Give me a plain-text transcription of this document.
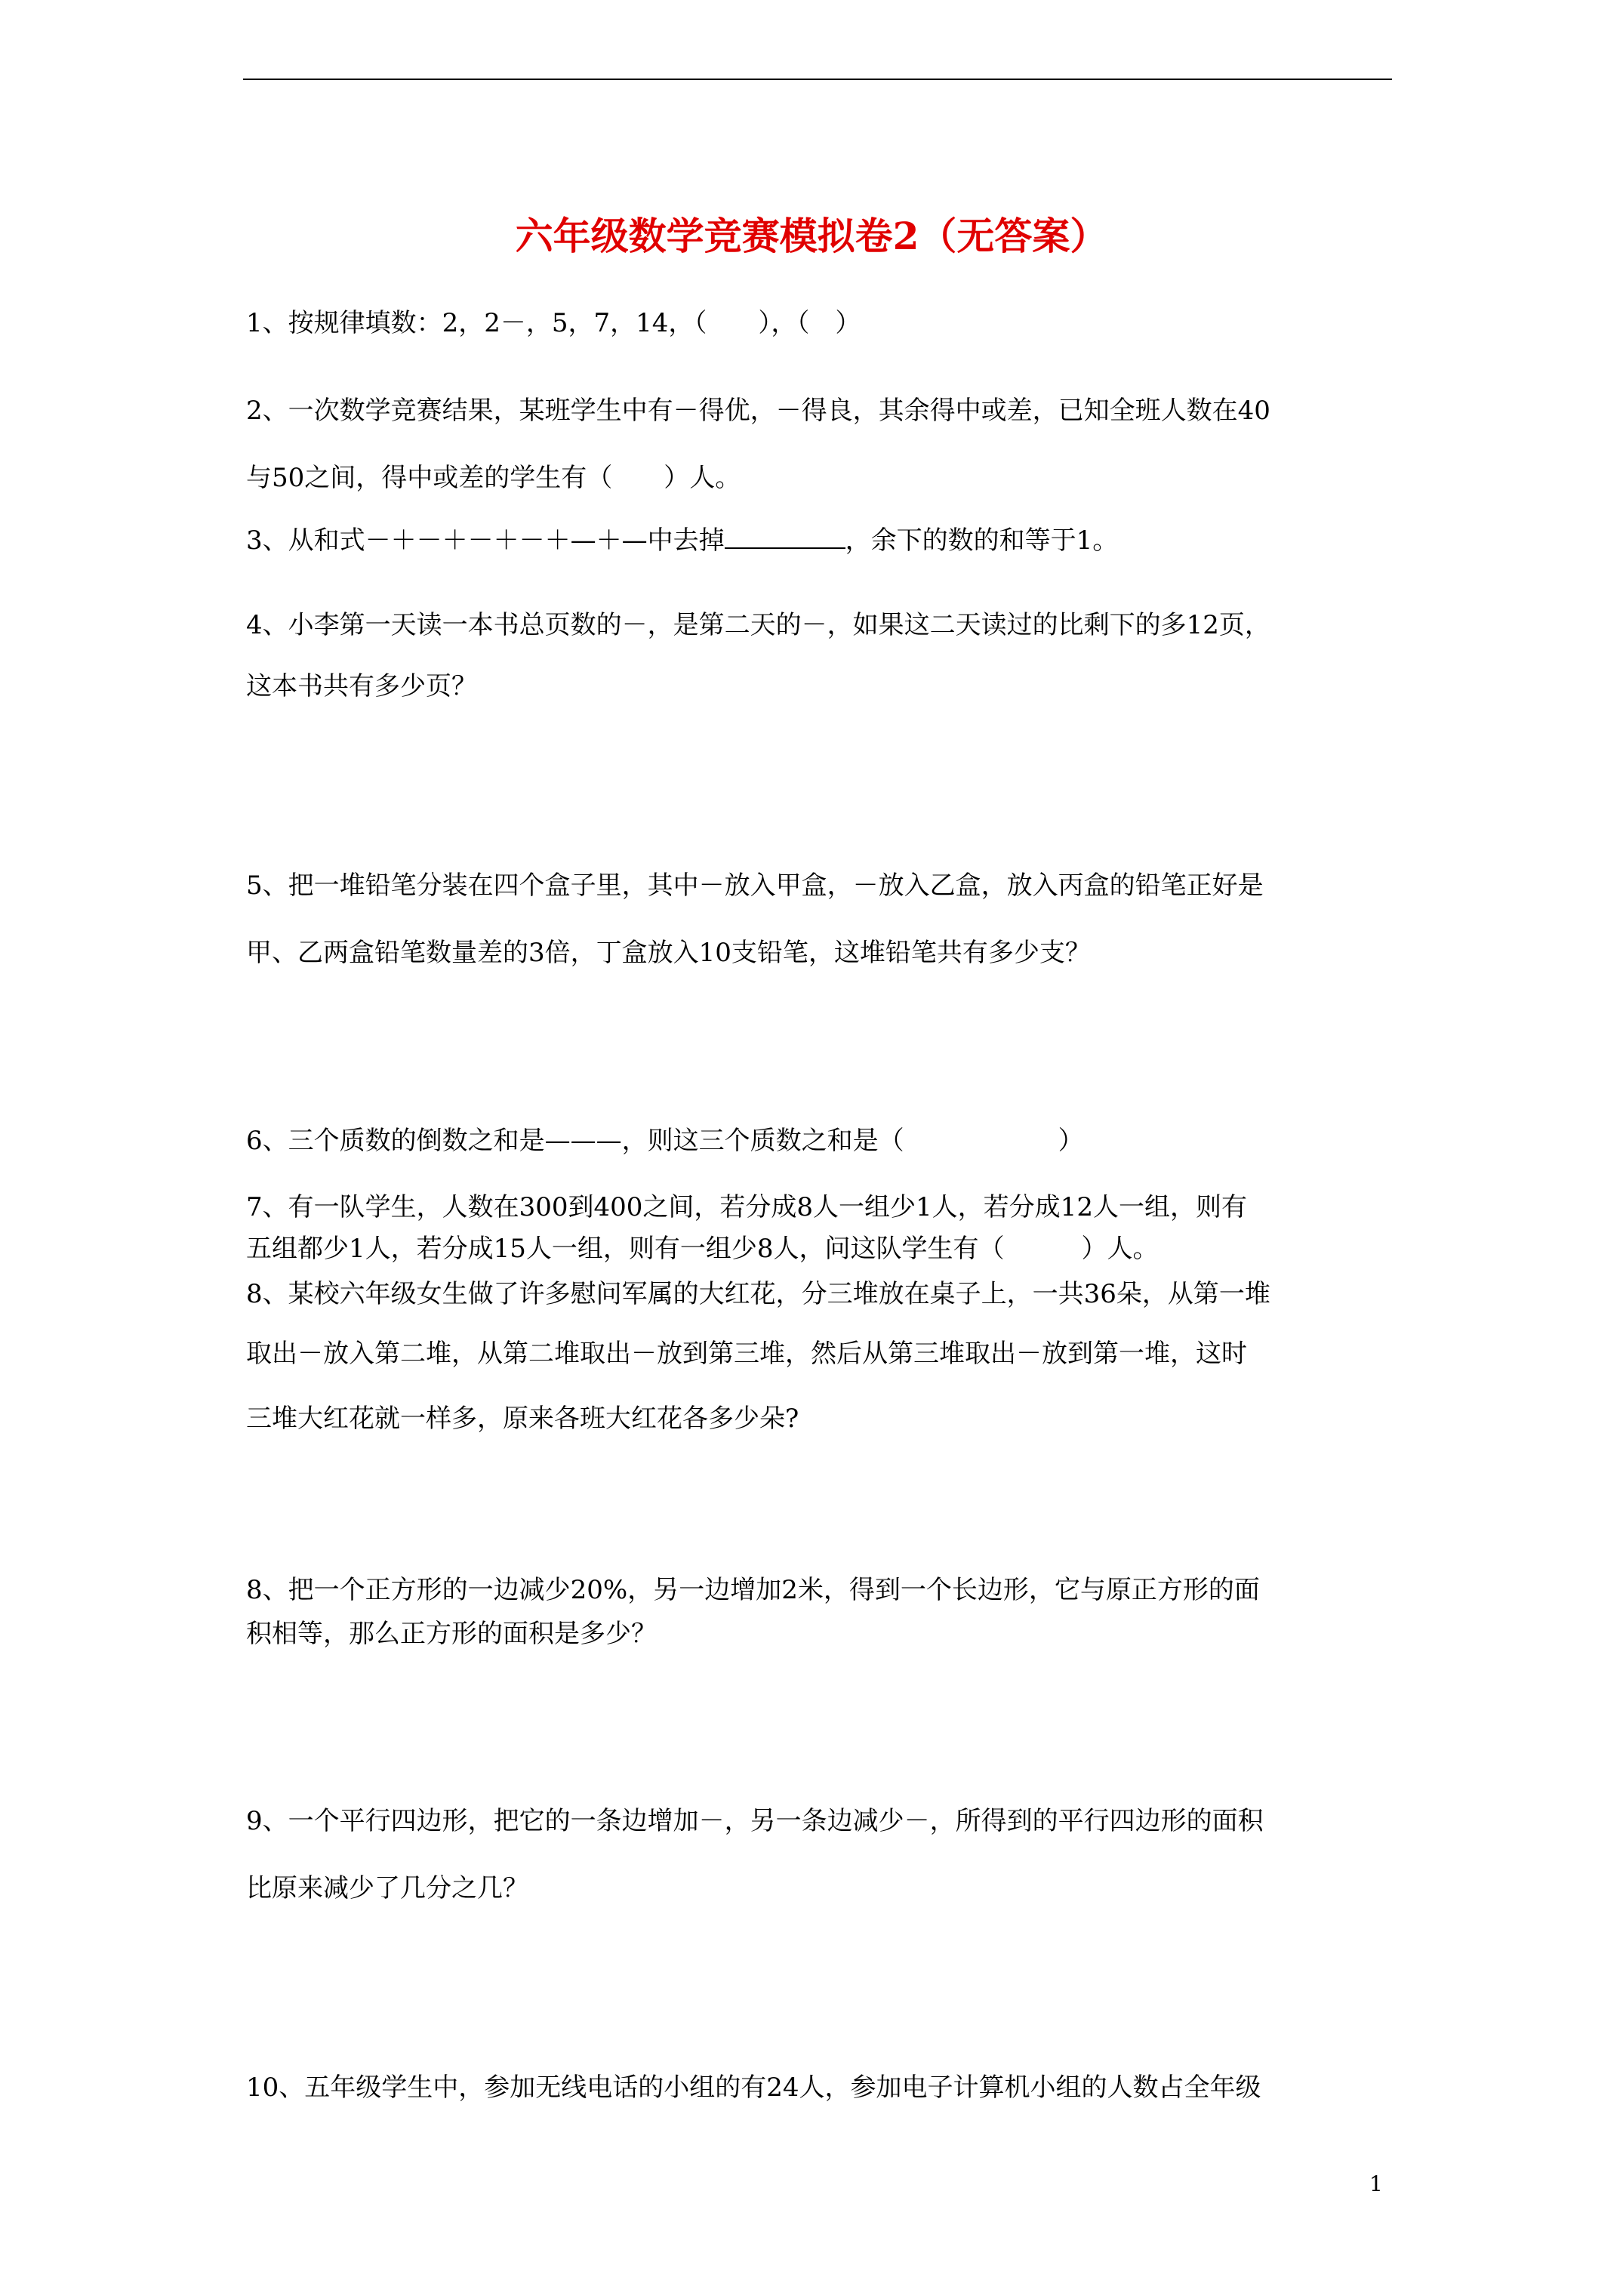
六年级数学竞赛模拟卷2（无答案）
1、按规律填数：2，2－，5，7，14，（　　），（　）
2、一次数学竞赛结果，某班学生中有－得优，－得良，其余得中或差，已知全班人数在40
与50之间，得中或差的学生有（　　）人。
3、从和式－＋－＋－＋－＋—＋—中去掉	，余下的数的和等于1。
4、小李第一天读一本书总页数的－，是第二天的－，如果这二天读过的比剩下的多12页，
这本书共有多少页？
5、把一堆铅笔分装在四个盒子里，其中－放入甲盒，－放入乙盒，放入丙盒的铅笔正好是
甲、乙两盒铅笔数量差的3倍，丁盒放入10支铅笔，这堆铅笔共有多少支？
6、三个质数的倒数之和是———，则这三个质数之和是（　　　　　　）
7、有一队学生，人数在300到400之间，若分成8人一组少1人，若分成12人一组，则有
五组都少1人，若分成15人一组，则有一组少8人，问这队学生有（　　　）人。
8、某校六年级女生做了许多慰问军属的大红花，分三堆放在桌子上，一共36朵，从第一堆
取出－放入第二堆，从第二堆取出－放到第三堆，然后从第三堆取出－放到第一堆，这时
三堆大红花就一样多，原来各班大红花各多少朵?
8、把一个正方形的一边减少20%，另一边增加2米，得到一个长边形，它与原正方形的面
积相等，那么正方形的面积是多少？
9、一个平行四边形，把它的一条边增加－，另一条边减少－，所得到的平行四边形的面积
比原来减少了几分之几？
10、五年级学生中，参加无线电话的小组的有24人，参加电子计算机小组的人数占全年级
1
